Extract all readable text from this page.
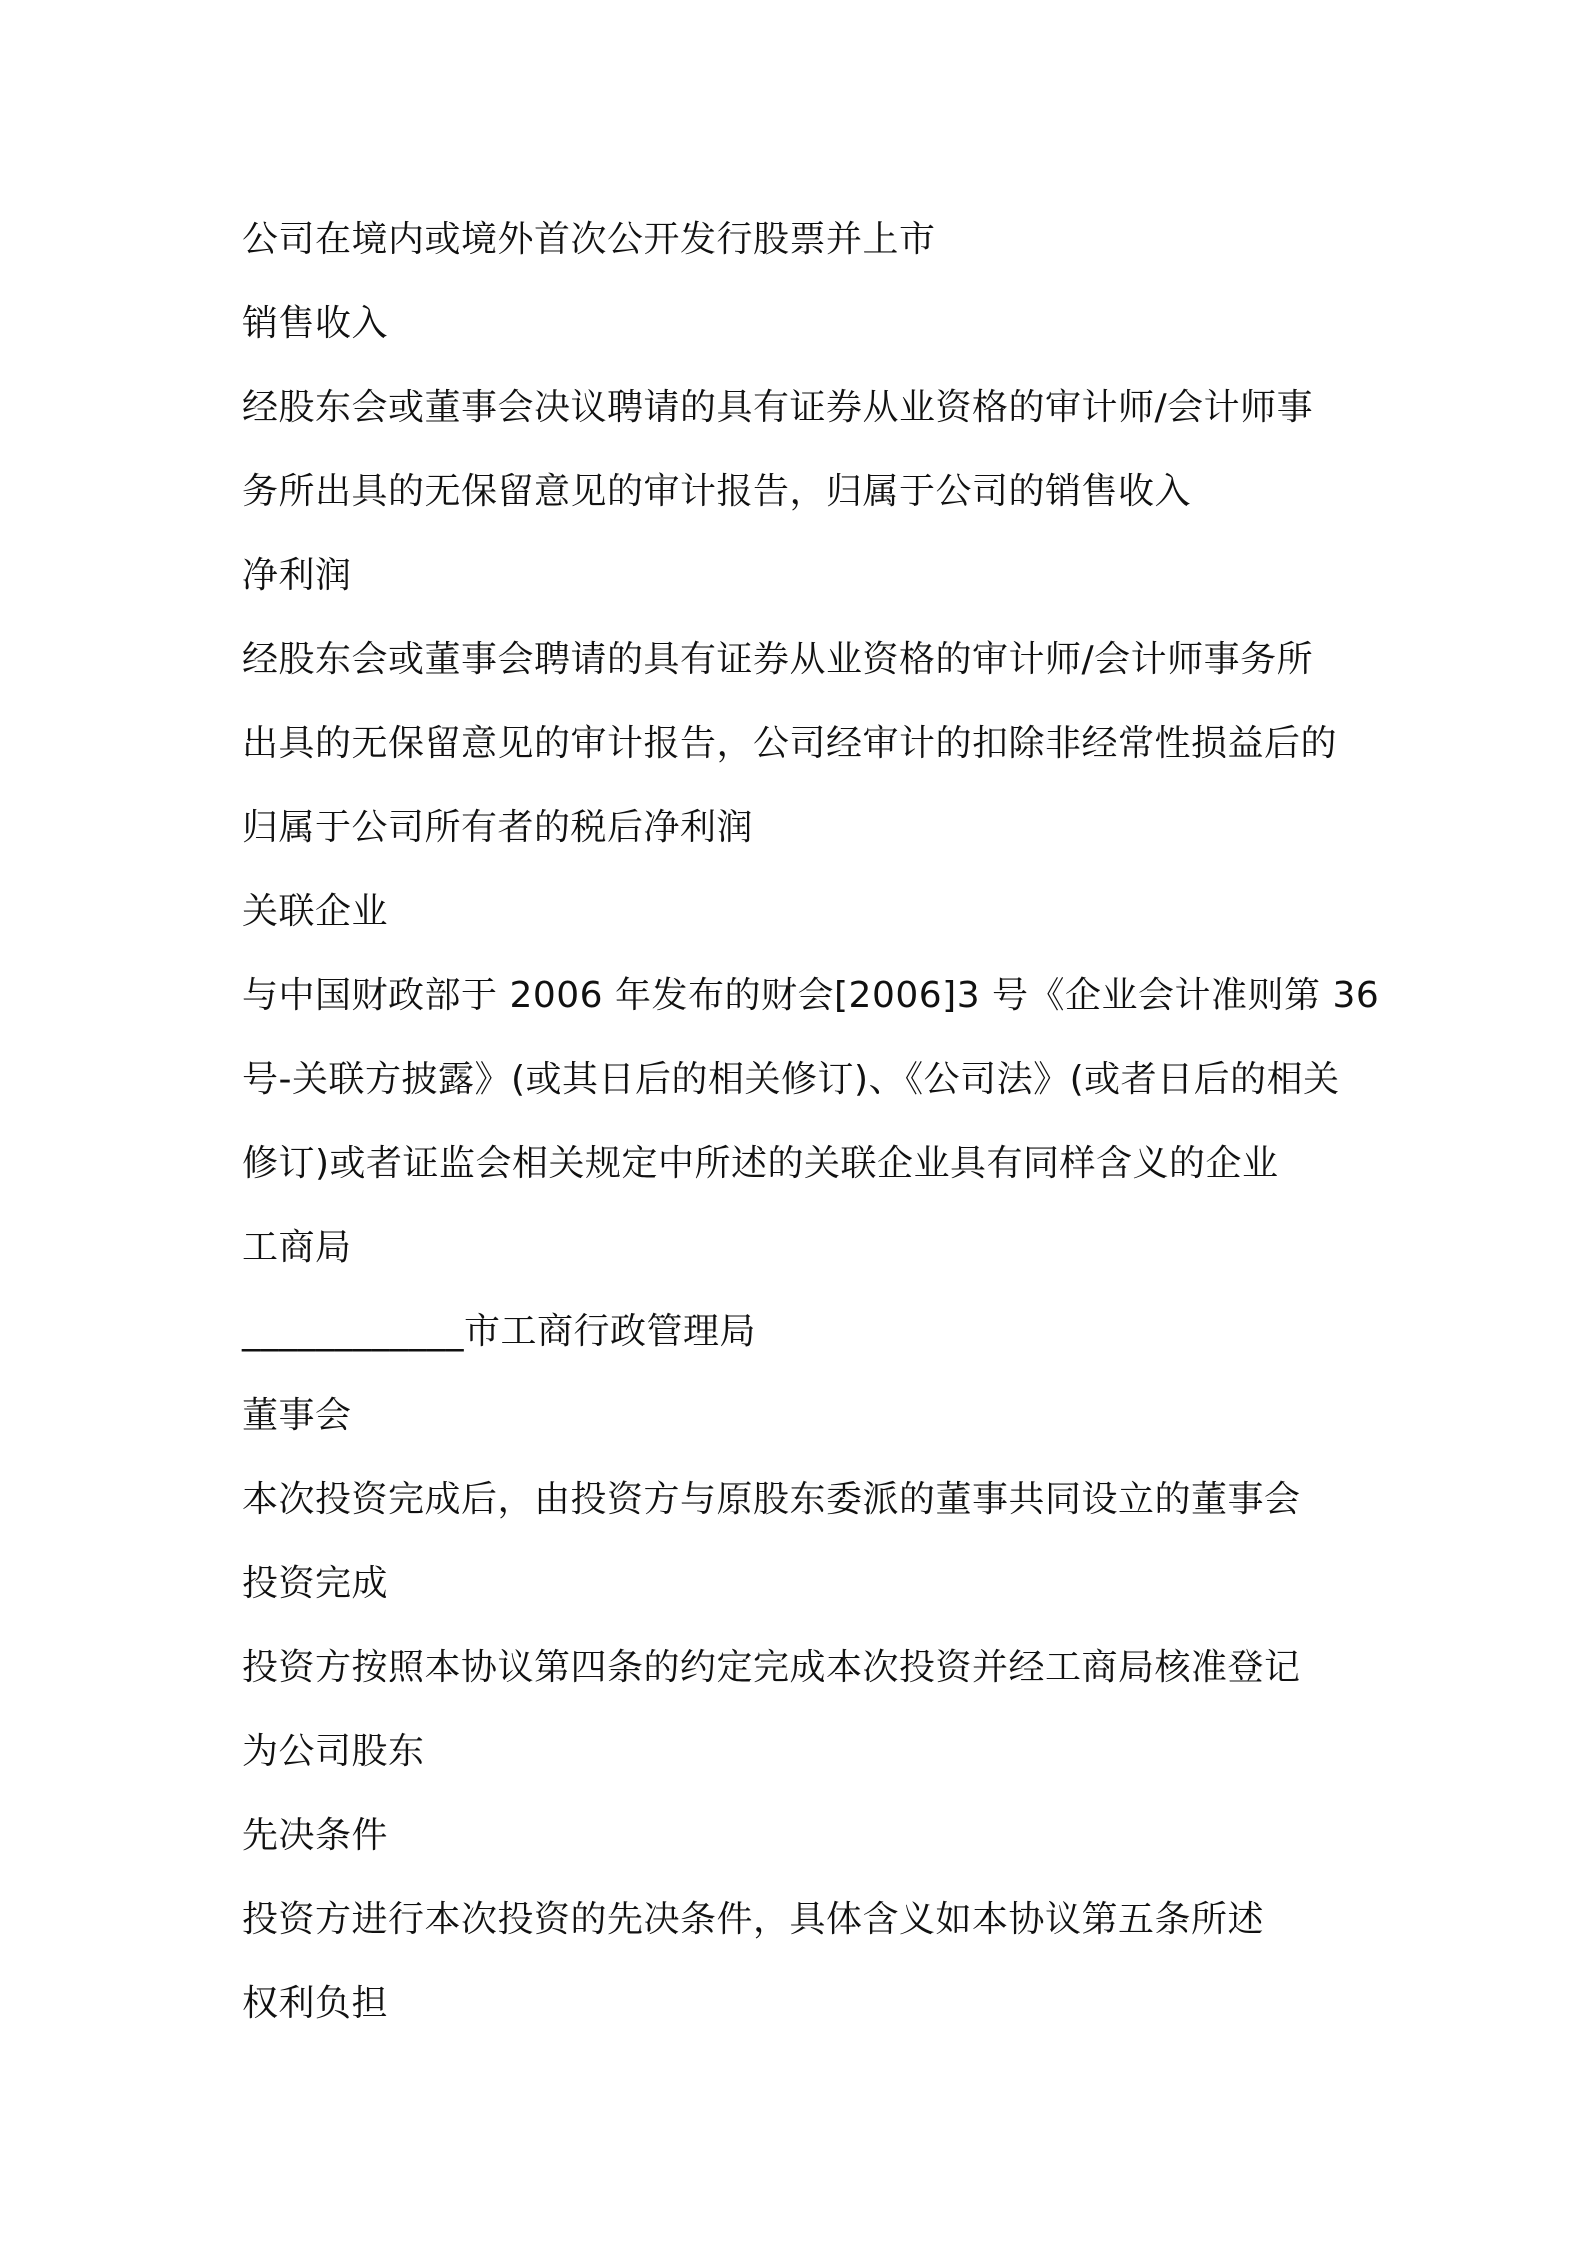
公司在境内或境外首次公开发行股票并上市
销售收入
经股东会或董事会决议聘请的具有证券从业资格的审计师/会计师事
务所出具的无保留意见的审计报告，归属于公司的销售收入
净利润
经股东会或董事会聘请的具有证券从业资格的审计师/会计师事务所
出具的无保留意见的审计报告，公司经审计的扣除非经常性损益后的
归属于公司所有者的税后净利润
关联企业
与中国财政部于 2006 年发布的财会[2006]3 号《企业会计准则第 36
号-关联方披露》(或其日后的相关修订)、《公司法》(或者日后的相关
修订)或者证监会相关规定中所述的关联企业具有同样含义的企业
工商局
____________市工商行政管理局
董事会
本次投资完成后，由投资方与原股东委派的董事共同设立的董事会
投资完成
投资方按照本协议第四条的约定完成本次投资并经工商局核准登记
为公司股东
先决条件
投资方进行本次投资的先决条件，具体含义如本协议第五条所述
权利负担
